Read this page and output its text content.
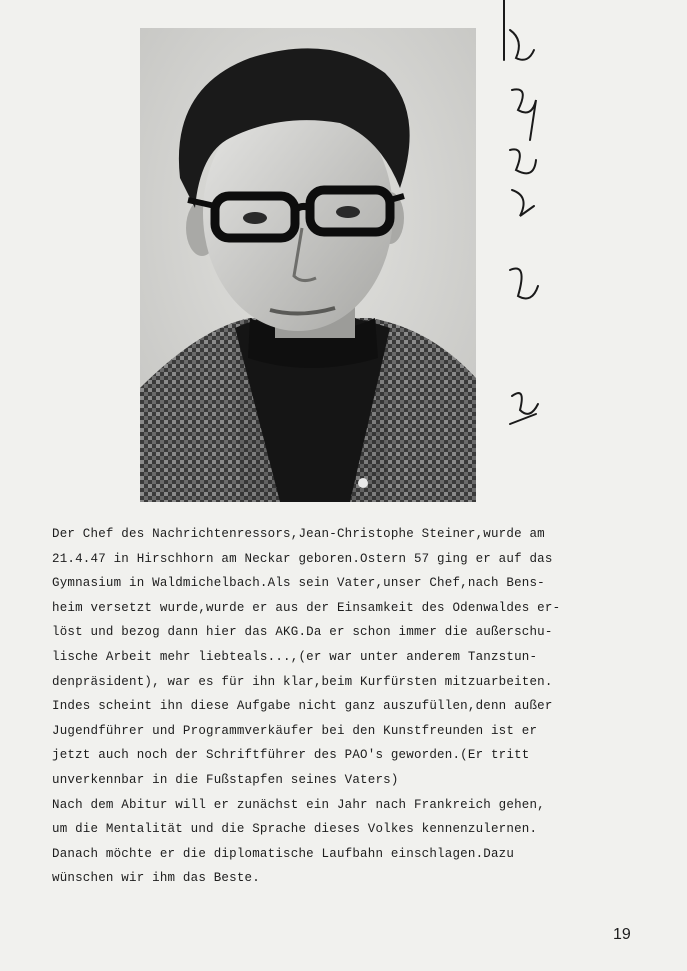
Der Chef des Nachrichtenressors,Jean-Christophe Steiner,wurde am
21.4.47 in Hirschhorn am Neckar geboren.Ostern 57 ging er auf das
Gymnasium in Waldmichelbach.Als sein Vater,unser Chef,nach Bens-
heim versetzt wurde,wurde er aus der Einsamkeit des Odenwaldes er-
löst und bezog dann hier das AKG.Da er schon immer die außerschu-
lische Arbeit mehr liebteals...,(er war unter anderem Tanzstun-
denpräsident), war es für ihn klar,beim Kurfürsten mitzuarbeiten.
Indes scheint ihn diese Aufgabe nicht ganz auszufüllen,denn außer
Jugendführer und Programmverkäufer bei den Kunstfreunden ist er
jetzt auch noch der Schriftführer des PAO's geworden.(Er tritt
unverkennbar in die Fußstapfen seines Vaters)
Nach dem Abitur will er zunächst ein Jahr nach Frankreich gehen,
um die Mentalität und die Sprache dieses Volkes kennenzulernen.
Danach möchte er die diplomatische Laufbahn einschlagen.Dazu
wünschen wir ihm das Beste.
19
